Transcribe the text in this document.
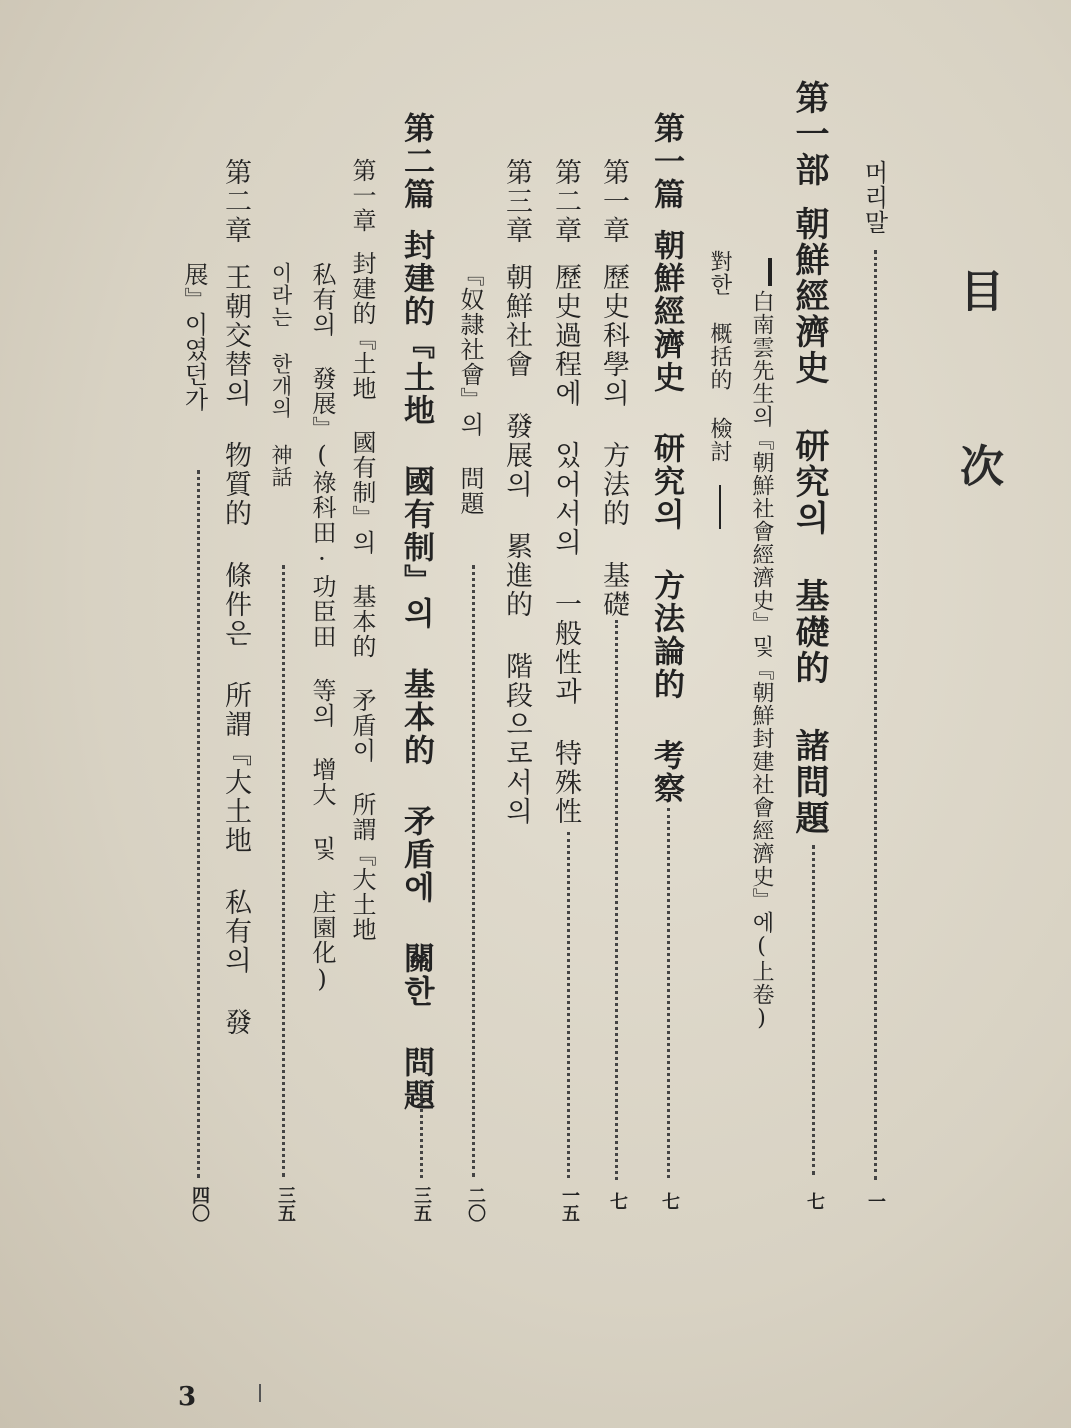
目 次
머리말
一
第一部朝鮮經濟史 研究의 基礎的 諸問題
七
白南雲先生의『朝鮮社會經濟史』및『朝鮮封建社會經濟史』에(上卷)
對한 概括的 檢討
第一篇朝鮮經濟史 研究의 方法論的 考察
七
第一章歷史科學의 方法的 基礎
七
第二章歷史過程에 있어서의 一般性과 特殊性
一五
第三章朝鮮社會 發展의 累進的 階段으로서의
『奴隷社會』의 問題
二〇
第二篇封建的『土地 國有制』의 基本的 矛盾에 關한 問題
三五
第一章封建的『土地 國有制』의 基本的 矛盾이 所謂『大土地
私有의 發展』(祿科田·功臣田 等의 增大 및 庄園化)
이라는 한개의 神話
三五
第二章王朝交替의 物質的 條件은 所謂『大土地 私有의 發
展』이였던가
四〇
3
